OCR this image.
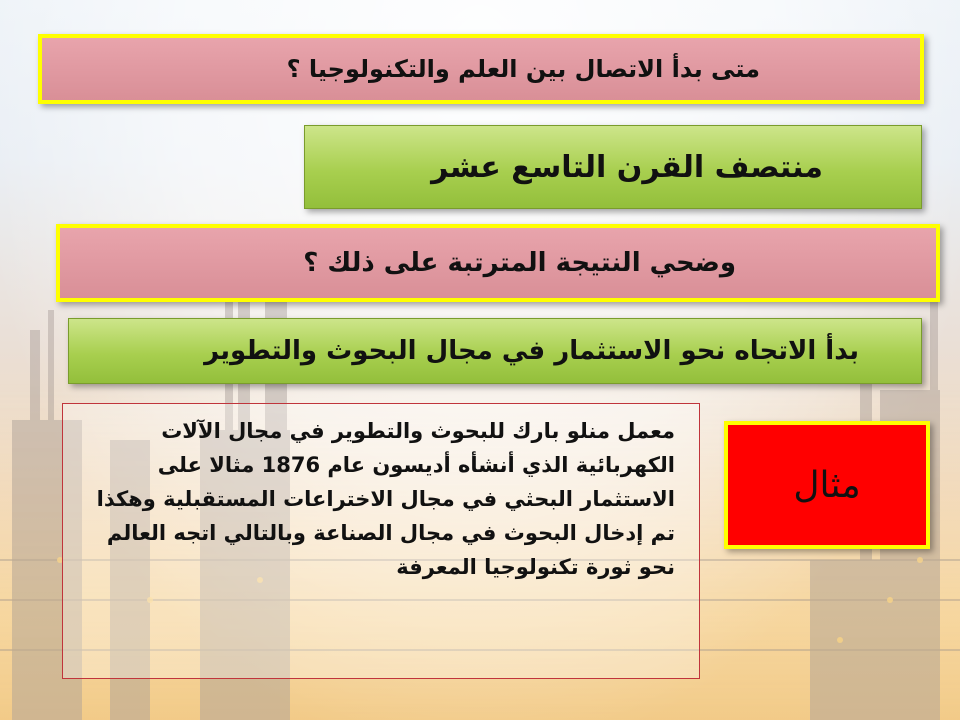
متى بدأ الاتصال بين العلم والتكنولوجيا ؟
منتصف القرن التاسع عشر
وضحي النتيجة المترتبة على ذلك ؟
بدأ الاتجاه نحو الاستثمار في مجال البحوث والتطوير
معمل منلو بارك للبحوث والتطوير في مجال الآلات الكهربائية الذي أنشأه أديسون عام 1876 مثالا على الاستثمار البحثي في مجال الاختراعات المستقبلية وهكذا تم إدخال البحوث في مجال الصناعة وبالتالي اتجه العالم نحو ثورة تكنولوجيا المعرفة
مثال
